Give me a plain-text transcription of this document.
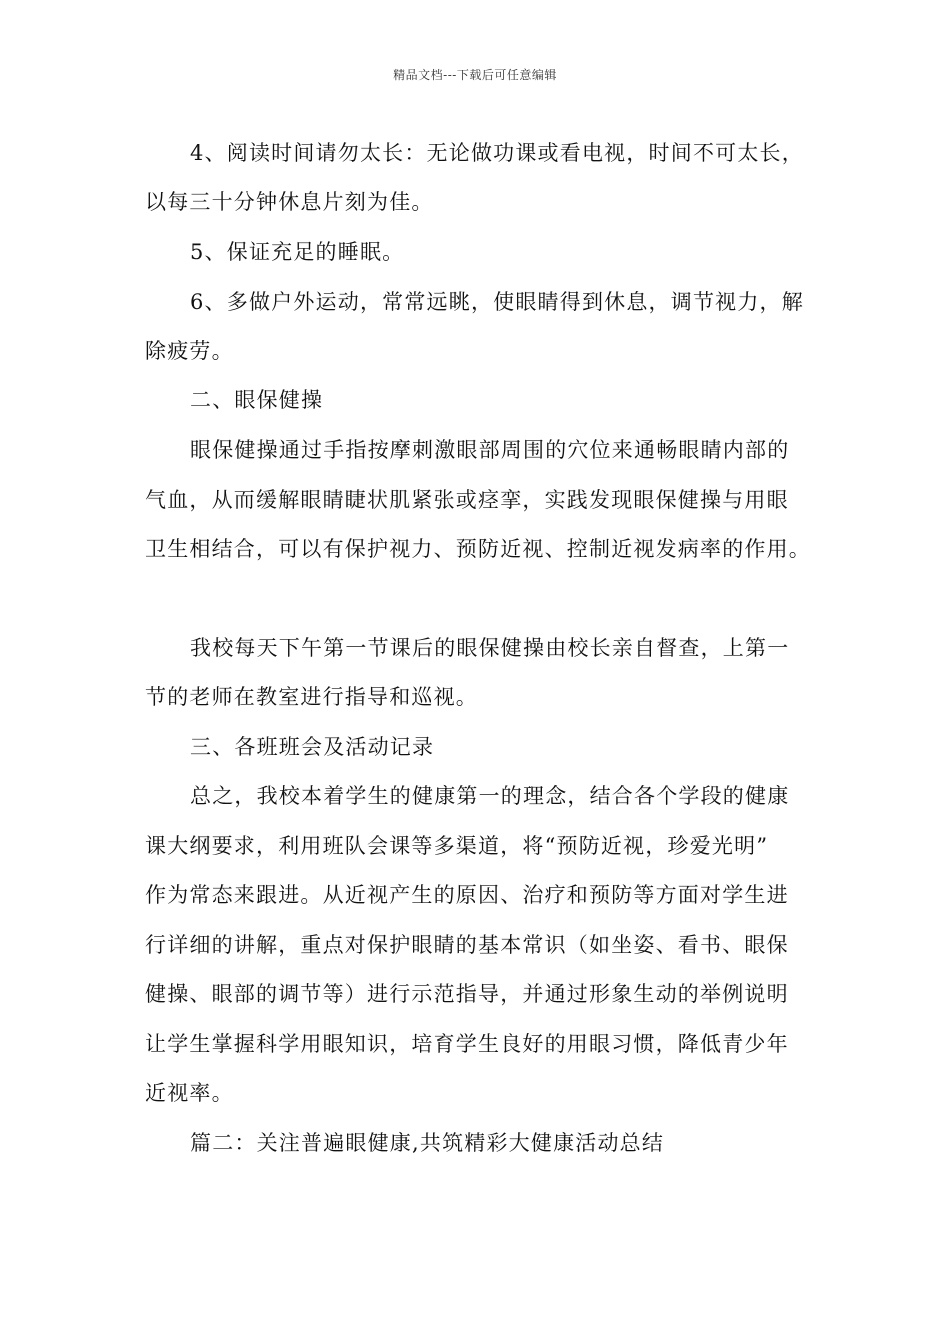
精品文档---下载后可任意编辑
4、阅读时间请勿太长：无论做功课或看电视，时间不可太长，
以每三十分钟休息片刻为佳。
5、保证充足的睡眠。
6、多做户外运动，常常远眺，使眼睛得到休息，调节视力，解
除疲劳。
二、眼保健操
眼保健操通过手指按摩刺激眼部周围的穴位来通畅眼睛内部的
气血，从而缓解眼睛睫状肌紧张或痉挛，实践发现眼保健操与用眼
卫生相结合，可以有保护视力、预防近视、控制近视发病率的作用。
我校每天下午第一节课后的眼保健操由校长亲自督查，上第一
节的老师在教室进行指导和巡视。
三、各班班会及活动记录
总之，我校本着学生的健康第一的理念，结合各个学段的健康
课大纲要求，利用班队会课等多渠道，将“预防近视，珍爱光明”
作为常态来跟进。从近视产生的原因、治疗和预防等方面对学生进
行详细的讲解，重点对保护眼睛的基本常识（如坐姿、看书、眼保
健操、眼部的调节等）进行示范指导，并通过形象生动的举例说明
让学生掌握科学用眼知识，培育学生良好的用眼习惯，降低青少年
近视率。
篇二：关注普遍眼健康,共筑精彩大健康活动总结
